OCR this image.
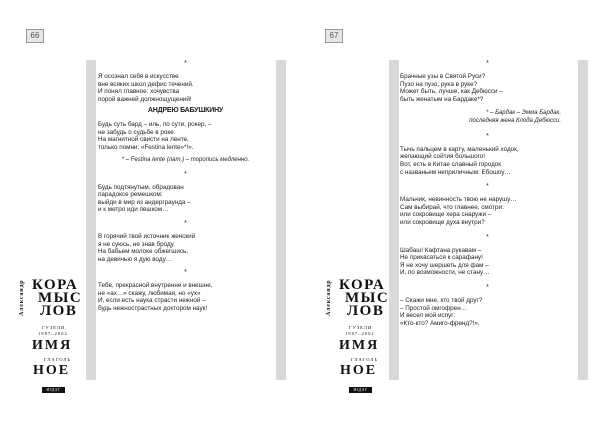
66	67
*
Я осознал себя в искусстве
вне всяких школ дефис течений.
И понял главное: хочувства
порой важней должнощущений!
АНДРЕЮ БАБУШКИНУ
Будь суть бард – иль, по сути, рокер, –
не забудь о судьбе в роке.
На магнитной свисти на ленте,
только помни: «Festina lente»*!».
* – Festina lente (лат.) – торопись медленно.
*
Будь подтянутым, обрадован
парадоксе ремешком:
выйди в мир из андерграунда –
и к метро иди пешком…
*
В горячий твой источник женский
я не суюсь, не знав броду.
На бабьем молоке обжегшись,
на девичью я дую воду…
*
Тебе, прекрасной внутренне и внешне,
не «ах…» скажу, любимая, но «ух»
И, если есть наука страсти нежной –
будь нежнострастных доктором наук!
*
Брачные узы в Святой Руси?
Пузо на пузо, рука в руке?
Может быть, лучше, как Дебюсси –
быть женатым на Бардаке*?
* – Бардак – Эмма Бардак,
последняя жена Клода Дебюсси.
*
Тычь пальцем в карту, маленький ходок,
желающий сойтия большого!
Вот, есть в Китае славный городок
с названьем неприличным: Ебошоу…
*
Мальчик, невинность твою не нарушу…
Сам выбирай, что главнее, смотри:
или сокровище хера снаружи –
или сокровище духа внутри?
*
Шабаш! Кафтана рукавам –
Не прикасаться к сарафану!
Я не хочу шершеть для фам –
И, по возможности, не стану…
*
– Скажи мне, кто твой друг?
– Простой омгофрен…
И весел мой испуг:
«Кто-кто? Амиго-френд?!».
Александр КОРА
МЫС
ЛОВ
ГУЗЕЛИ
1987–2002
ИМЯ
ГЛАГОЛЬ
НОЕ
ИЗДАТ
Александр КОРА
МЫС
ЛОВ
ГУЗЕЛИ
1987–2002
ИМЯ
ГЛАГОЛЬ
НОЕ
ИЗДАТ
